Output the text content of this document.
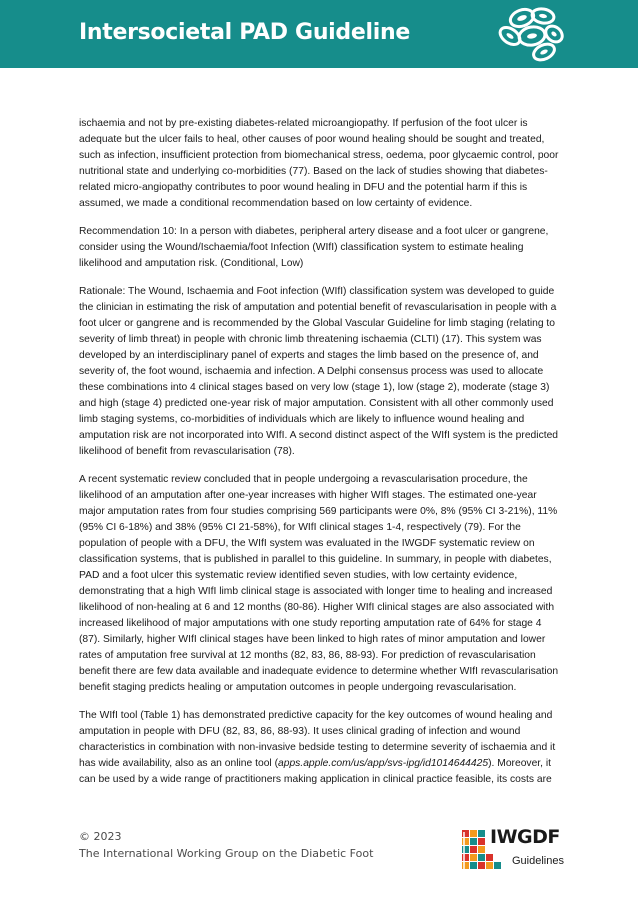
Intersocietal PAD Guideline

ischaemia and not by pre-existing diabetes-related microangiopathy. If perfusion of the foot ulcer is adequate but the ulcer fails to heal, other causes of poor wound healing should be sought and treated, such as infection, insufficient protection from biomechanical stress, oedema, poor glycaemic control, poor nutritional state and underlying co-morbidities (77). Based on the lack of studies showing that diabetes-related micro-angiopathy contributes to poor wound healing in DFU and the potential harm if this is assumed, we made a conditional recommendation based on low certainty of evidence.

Recommendation 10: In a person with diabetes, peripheral artery disease and a foot ulcer or gangrene, consider using the Wound/Ischaemia/foot Infection (WIfI) classification system to estimate healing likelihood and amputation risk. (Conditional, Low)

Rationale: The Wound, Ischaemia and Foot infection (WIfI) classification system was developed to guide the clinician in estimating the risk of amputation and potential benefit of revascularisation in people with a foot ulcer or gangrene and is recommended by the Global Vascular Guideline for limb staging (relating to severity of limb threat) in people with chronic limb threatening ischaemia (CLTI) (17). This system was developed by an interdisciplinary panel of experts and stages the limb based on the presence of, and severity of, the foot wound, ischaemia and infection. A Delphi consensus process was used to allocate these combinations into 4 clinical stages based on very low (stage 1), low (stage 2), moderate (stage 3) and high (stage 4) predicted one-year risk of major amputation. Consistent with all other commonly used limb staging systems, co-morbidities of individuals which are likely to influence wound healing and amputation risk are not incorporated into WIfI. A second distinct aspect of the WIfI system is the predicted likelihood of benefit from revascularisation (78).

A recent systematic review concluded that in people undergoing a revascularisation procedure, the likelihood of an amputation after one-year increases with higher WIfI stages. The estimated one-year major amputation rates from four studies comprising 569 participants were 0%, 8% (95% CI 3-21%), 11% (95% CI 6-18%) and 38% (95% CI 21-58%), for WIfI clinical stages 1-4, respectively (79). For the population of people with a DFU, the WIfI system was evaluated in the IWGDF systematic review on classification systems, that is published in parallel to this guideline. In summary, in people with diabetes, PAD and a foot ulcer this systematic review identified seven studies, with low certainty evidence, demonstrating that a high WIfI limb clinical stage is associated with longer time to healing and increased likelihood of non-healing at 6 and 12 months (80-86). Higher WIfI clinical stages are also associated with increased likelihood of major amputations with one study reporting amputation rate of 64% for stage 4 (87). Similarly, higher WIfI clinical stages have been linked to high rates of minor amputation and lower rates of amputation free survival at 12 months (82, 83, 86, 88-93). For prediction of revascularisation benefit there are few data available and inadequate evidence to determine whether WIfI revascularisation benefit staging predicts healing or amputation outcomes in people undergoing revascularisation.

The WIfI tool (Table 1) has demonstrated predictive capacity for the key outcomes of wound healing and amputation in people with DFU (82, 83, 86, 88-93). It uses clinical grading of infection and wound characteristics in combination with non-invasive bedside testing to determine severity of ischaemia and it has wide availability, also as an online tool (apps.apple.com/us/app/svs-ipg/id1014644425). Moreover, it can be used by a wide range of practitioners making application in clinical practice feasible, its costs are

© 2023
The International Working Group on the Diabetic Foot
IWGDF
Guidelines
